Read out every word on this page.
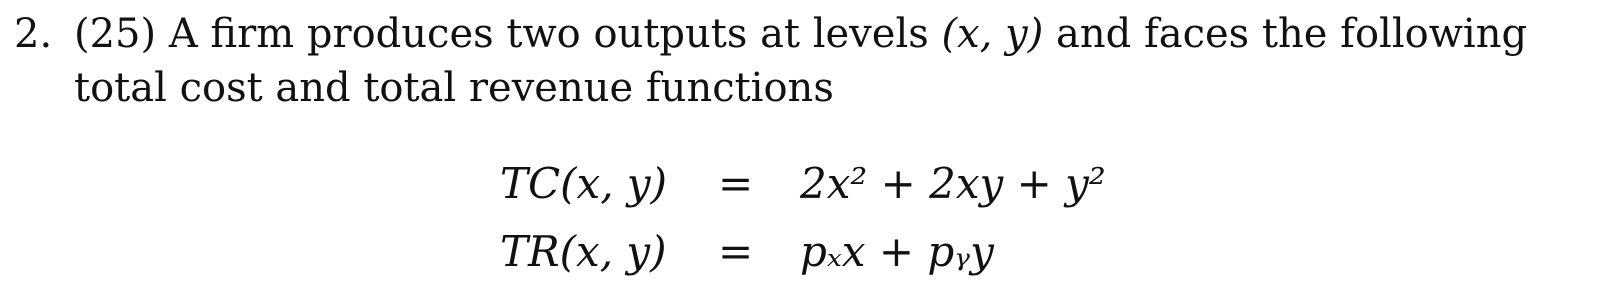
2. (25) A firm produces two outputs at levels (x, y) and faces the following
total cost and total revenue functions
TC(x, y) = 2x² + 2xy + y²
TR(x, y) = pₓx + pᵧy
